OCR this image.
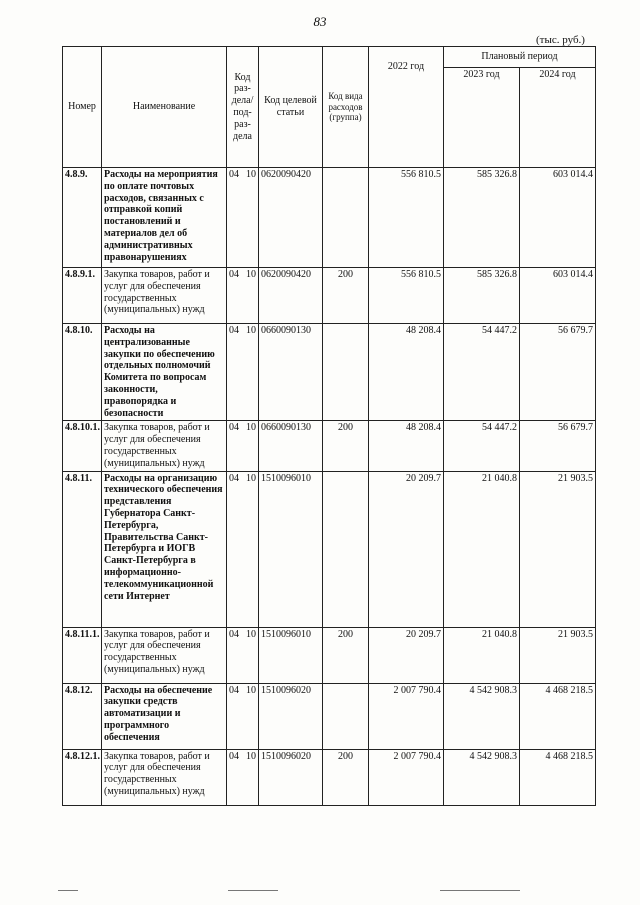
83
(тыс. руб.)
Номер	Наименование	Код раз- дела/ под- раз- дела	Код целевой статьи	Код вида расходов (группа)	2022 год	Плановый период	
						2023 год	2024 год
4.8.9.	Расходы на мероприятия по оплате почтовых расходов, связанных с отправкой копий постановлений и материалов дел об административных правонарушениях	04 10	0620090420		556 810.5	585 326.8	603 014.4
4.8.9.1.	Закупка товаров, работ и услуг для обеспечения государственных (муниципальных) нужд	04 10	0620090420	200	556 810.5	585 326.8	603 014.4
4.8.10.	Расходы на централизованные закупки по обеспечению отдельных полномочий Комитета по вопросам законности, правопорядка и безопасности	04 10	0660090130		48 208.4	54 447.2	56 679.7
4.8.10.1.	Закупка товаров, работ и услуг для обеспечения государственных (муниципальных) нужд	04 10	0660090130	200	48 208.4	54 447.2	56 679.7
4.8.11.	Расходы на организацию технического обеспечения представления Губернатора Санкт-Петербурга, Правительства Санкт-Петербурга и ИОГВ Санкт-Петербурга в информационно-телекоммуникационной сети Интернет	04 10	1510096010		20 209.7	21 040.8	21 903.5
4.8.11.1.	Закупка товаров, работ и услуг для обеспечения государственных (муниципальных) нужд	04 10	1510096010	200	20 209.7	21 040.8	21 903.5
4.8.12.	Расходы на обеспечение закупки средств автоматизации и программного обеспечения	04 10	1510096020		2 007 790.4	4 542 908.3	4 468 218.5
4.8.12.1.	Закупка товаров, работ и услуг для обеспечения государственных (муниципальных) нужд	04 10	1510096020	200	2 007 790.4	4 542 908.3	4 468 218.5
